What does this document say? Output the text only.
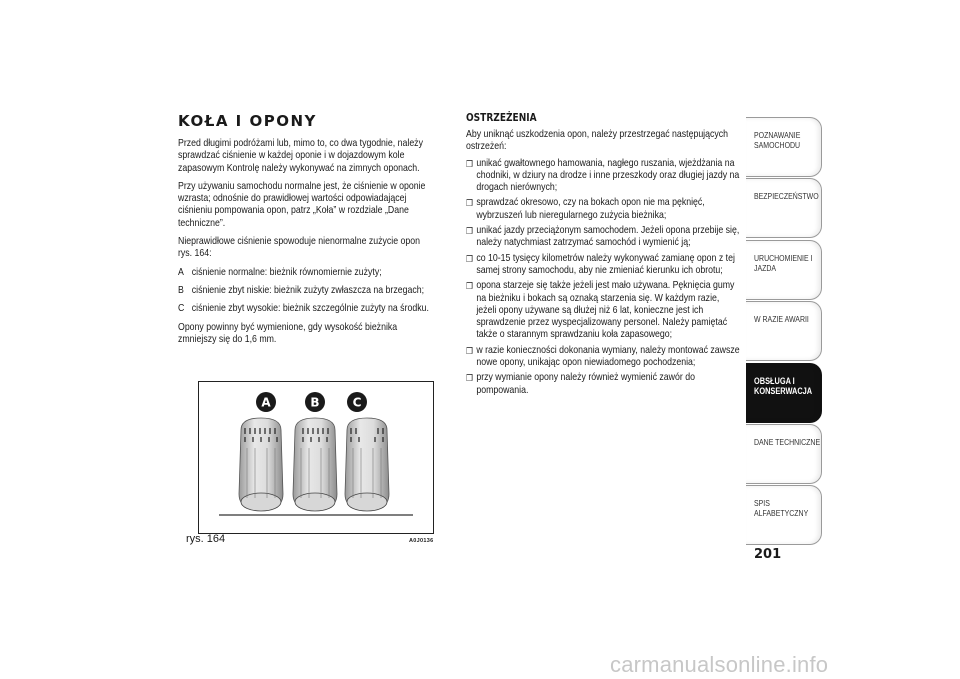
KOŁA I OPONY

Przed długimi podróżami lub, mimo to, co dwa tygodnie, należy sprawdzać ciśnienie w każdej oponie i w dojazdowym kole zapasowym Kontrolę należy wykonywać na zimnych oponach.

Przy używaniu samochodu normalne jest, że ciśnienie w oponie wzrasta; odnośnie do prawidłowej wartości odpowiadającej ciśnieniu pompowania opon, patrz „Koła” w rozdziale „Dane techniczne”.

Nieprawidłowe ciśnienie spowoduje nienormalne zużycie opon rys. 164:

A ciśnienie normalne: bieżnik równomiernie zużyty;
B ciśnienie zbyt niskie: bieżnik zużyty zwłaszcza na brzegach;
C ciśnienie zbyt wysokie: bieżnik szczególnie zużyty na środku.

Opony powinny być wymienione, gdy wysokość bieżnika zmniejszy się do 1,6 mm.

A	B	C
rys. 164	A0J0136
OSTRZEŻENIA
Aby uniknąć uszkodzenia opon, należy przestrzegać następujących ostrzeżeń:
❒ unikać gwałtownego hamowania, nagłego ruszania, wjeżdżania na chodniki, w dziury na drodze i inne przeszkody oraz długiej jazdy na drogach nierównych;
❒ sprawdzać okresowo, czy na bokach opon nie ma pęknięć, wybrzuszeń lub nieregularnego zużycia bieżnika;
❒ unikać jazdy przeciążonym samochodem. Jeżeli opona przebije się, należy natychmiast zatrzymać samochód i wymienić ją;
❒ co 10-15 tysięcy kilometrów należy wykonywać zamianę opon z tej samej strony samochodu, aby nie zmieniać kierunku ich obrotu;
❒ opona starzeje się także jeżeli jest mało używana. Pęknięcia gumy na bieżniku i bokach są oznaką starzenia się. W każdym razie, jeżeli opony używane są dłużej niż 6 lat, konieczne jest ich sprawdzenie przez wyspecjalizowany personel. Należy pamiętać także o starannym sprawdzaniu koła zapasowego;
❒ w razie konieczności dokonania wymiany, należy montować zawsze nowe opony, unikając opon niewiadomego pochodzenia;
❒ przy wymianie opony należy również wymienić zawór do pompowania.
POZNAWANIE SAMOCHODU
BEZPIECZEŃSTWO
URUCHOMIENIE I JAZDA
W RAZIE AWARII
OBSŁUGA I KONSERWACJA
DANE TECHNICZNE
SPIS ALFABETYCZNY
201
carmanualsonline.info
